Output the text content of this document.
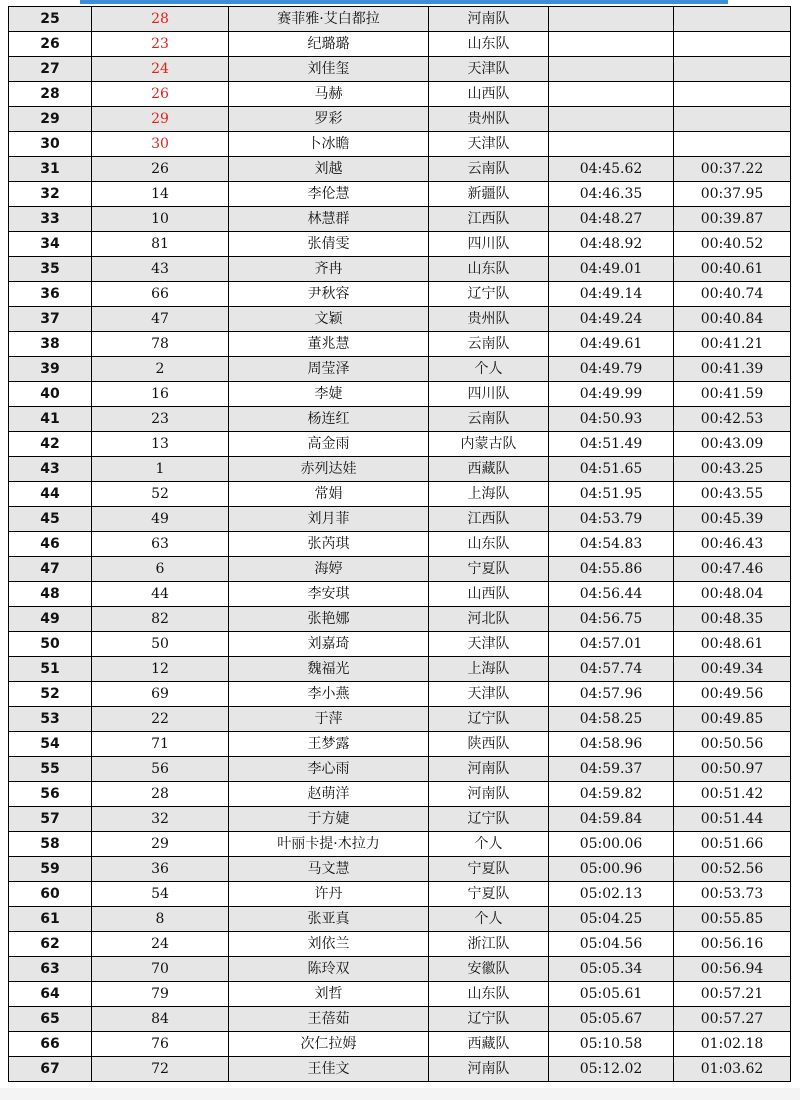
25	28	赛菲雅·艾白都拉	河南队		
26	23	纪璐璐	山东队		
27	24	刘佳玺	天津队		
28	26	马赫	山西队		
29	29	罗彩	贵州队		
30	30	卜冰瞻	天津队		
31	26	刘越	云南队	04:45.62	00:37.22
32	14	李伦慧	新疆队	04:46.35	00:37.95
33	10	林慧群	江西队	04:48.27	00:39.87
34	81	张倩雯	四川队	04:48.92	00:40.52
35	43	齐冉	山东队	04:49.01	00:40.61
36	66	尹秋容	辽宁队	04:49.14	00:40.74
37	47	文颖	贵州队	04:49.24	00:40.84
38	78	董兆慧	云南队	04:49.61	00:41.21
39	2	周莹泽	个人	04:49.79	00:41.39
40	16	李婕	四川队	04:49.99	00:41.59
41	23	杨连红	云南队	04:50.93	00:42.53
42	13	高金雨	内蒙古队	04:51.49	00:43.09
43	1	赤列达娃	西藏队	04:51.65	00:43.25
44	52	常娟	上海队	04:51.95	00:43.55
45	49	刘月菲	江西队	04:53.79	00:45.39
46	63	张芮琪	山东队	04:54.83	00:46.43
47	6	海婷	宁夏队	04:55.86	00:47.46
48	44	李安琪	山西队	04:56.44	00:48.04
49	82	张艳娜	河北队	04:56.75	00:48.35
50	50	刘嘉琦	天津队	04:57.01	00:48.61
51	12	魏福光	上海队	04:57.74	00:49.34
52	69	李小燕	天津队	04:57.96	00:49.56
53	22	于萍	辽宁队	04:58.25	00:49.85
54	71	王梦露	陕西队	04:58.96	00:50.56
55	56	李心雨	河南队	04:59.37	00:50.97
56	28	赵萌洋	河南队	04:59.82	00:51.42
57	32	于方婕	辽宁队	04:59.84	00:51.44
58	29	叶丽卡提·木拉力	个人	05:00.06	00:51.66
59	36	马文慧	宁夏队	05:00.96	00:52.56
60	54	许丹	宁夏队	05:02.13	00:53.73
61	8	张亚真	个人	05:04.25	00:55.85
62	24	刘依兰	浙江队	05:04.56	00:56.16
63	70	陈玲双	安徽队	05:05.34	00:56.94
64	79	刘哲	山东队	05:05.61	00:57.21
65	84	王蓓茹	辽宁队	05:05.67	00:57.27
66	76	次仁拉姆	西藏队	05:10.58	01:02.18
67	72	王佳文	河南队	05:12.02	01:03.62
